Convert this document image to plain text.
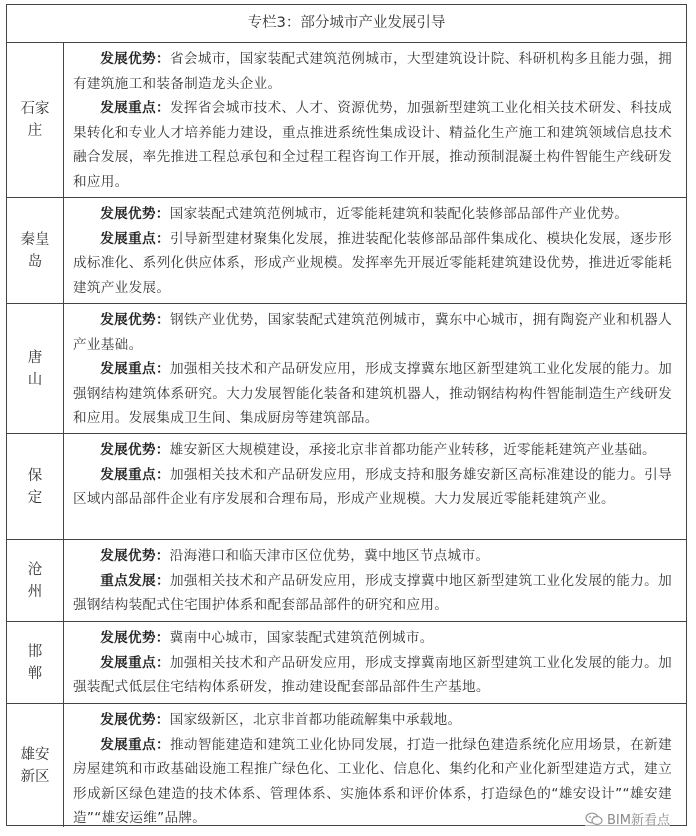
专栏3：部分城市产业发展引导
石家
庄

发展优势：省会城市，国家装配式建筑范例城市，大型建筑设计院、科研机构多且能力强，拥有建筑施工和装备制造龙头企业。

发展重点：发挥省会城市技术、人才、资源优势，加强新型建筑工业化相关技术研发、科技成果转化和专业人才培养能力建设，重点推进系统性集成设计、精益化生产施工和建筑领域信息技术融合发展，率先推进工程总承包和全过程工程咨询工作开展，推动预制混凝土构件智能生产线研发和应用。

秦皇
岛

发展优势：国家装配式建筑范例城市，近零能耗建筑和装配化装修部品部件产业优势。

发展重点：引导新型建材聚集化发展，推进装配化装修部品部件集成化、模块化发展，逐步形成标准化、系列化供应体系，形成产业规模。发挥率先开展近零能耗建筑建设优势，推进近零能耗建筑产业发展。

唐
山

发展优势：钢铁产业优势，国家装配式建筑范例城市，冀东中心城市，拥有陶瓷产业和机器人产业基础。

发展重点：加强相关技术和产品研发应用，形成支撑冀东地区新型建筑工业化发展的能力。加强钢结构建筑体系研究。大力发展智能化装备和建筑机器人，推动钢结构构件智能制造生产线研发和应用。发展集成卫生间、集成厨房等建筑部品。

保
定

发展优势：雄安新区大规模建设，承接北京非首都功能产业转移，近零能耗建筑产业基础。

发展重点：加强相关技术和产品研发应用，形成支持和服务雄安新区高标准建设的能力。引导区域内部品部件企业有序发展和合理布局，形成产业规模。大力发展近零能耗建筑产业。

沧
州

发展优势：沿海港口和临天津市区位优势，冀中地区节点城市。

重点发展：加强相关技术和产品研发应用，形成支撑冀中地区新型建筑工业化发展的能力。加强钢结构装配式住宅围护体系和配套部品部件的研究和应用。

邯
郸

发展优势：冀南中心城市，国家装配式建筑范例城市。

发展重点：加强相关技术和产品研发应用，形成支撑冀南地区新型建筑工业化发展的能力。加强装配式低层住宅结构体系研发，推动建设配套部品部件生产基地。

雄安
新区

发展优势：国家级新区，北京非首都功能疏解集中承载地。

发展重点：推动智能建造和建筑工业化协同发展，打造一批绿色建造系统化应用场景，在新建房屋建筑和市政基础设施工程推广绿色化、工业化、信息化、集约化和产业化新型建造方式，建立形成新区绿色建造的技术体系、管理体系、实施体系和评价体系，打造绿色的“雄安设计”“雄安建造”“雄安运维”品牌。	BIM新看点
